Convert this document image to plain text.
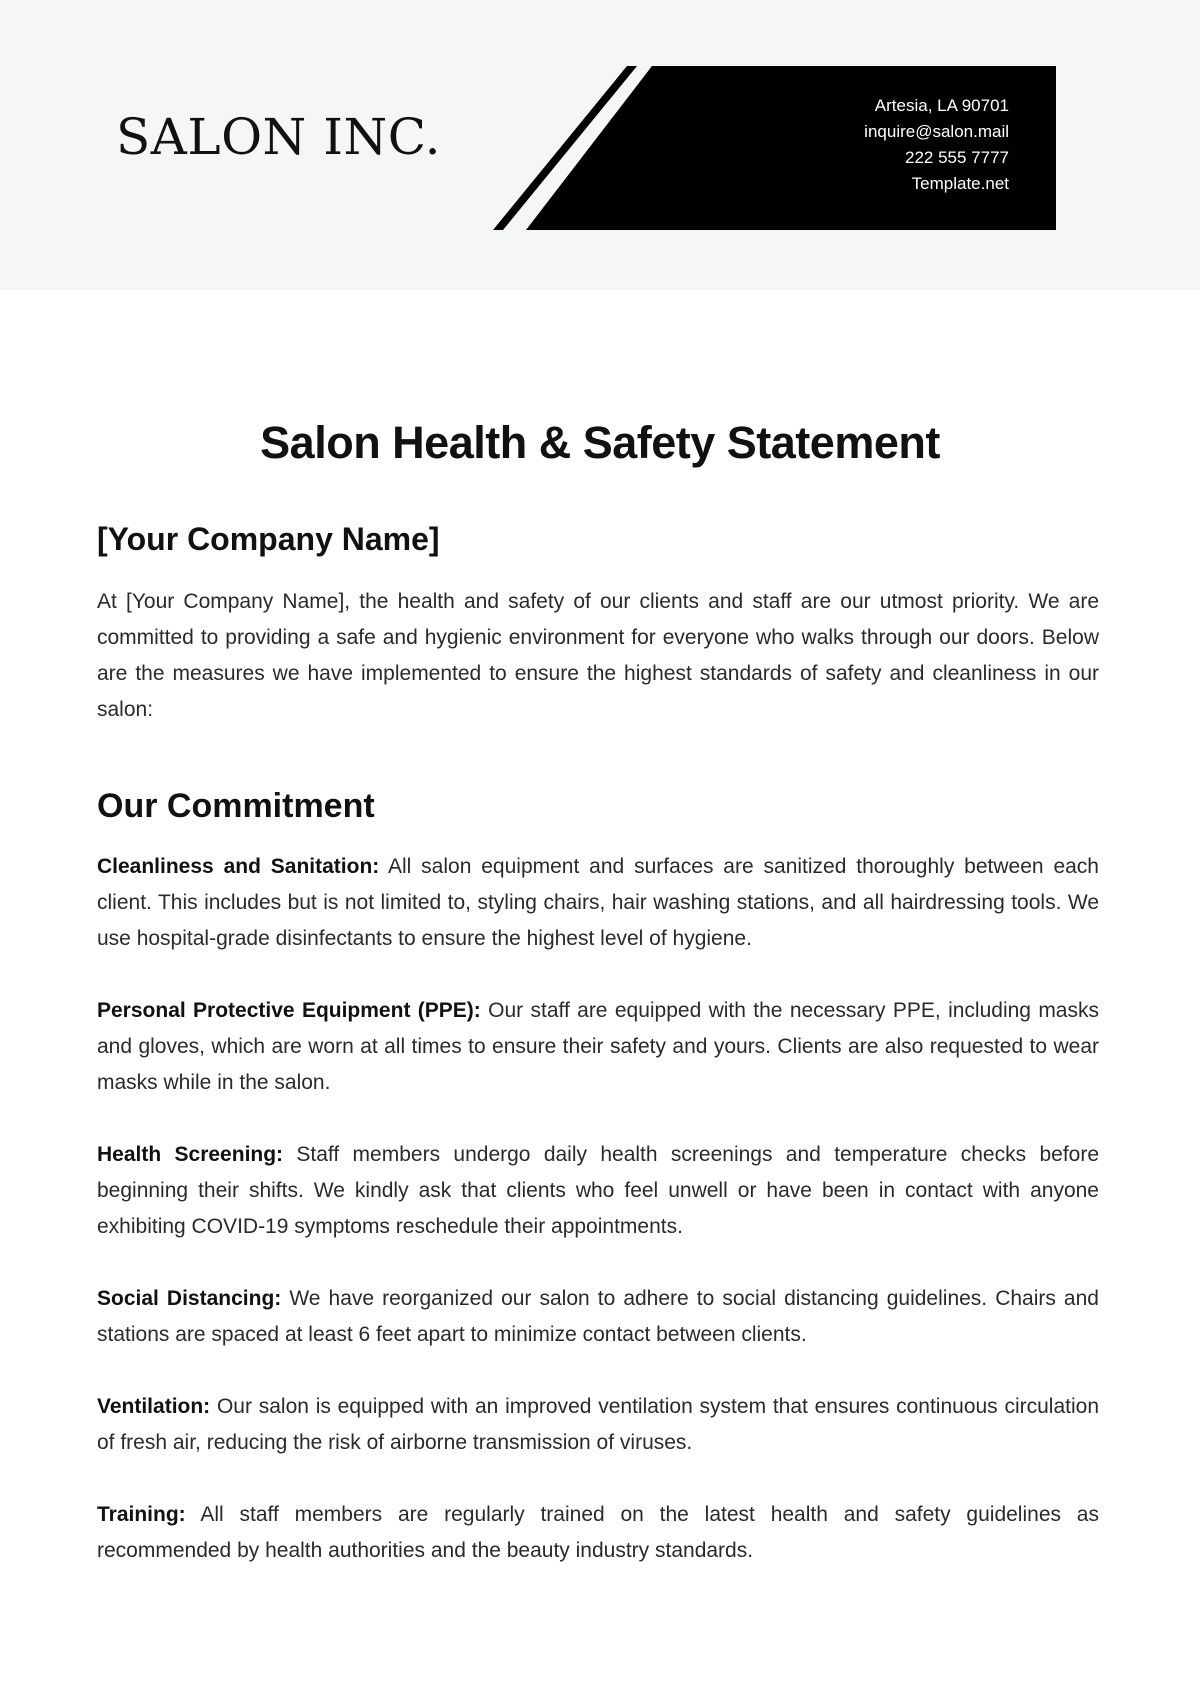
SALON INC.
Artesia, LA 90701
inquire@salon.mail
222 555 7777
Template.net
Salon Health & Safety Statement
[Your Company Name]

At [Your Company Name], the health and safety of our clients and staff are our utmost priority. We are committed to providing a safe and hygienic environment for everyone who walks through our doors. Below are the measures we have implemented to ensure the highest standards of safety and cleanliness in our salon:

Our Commitment

Cleanliness and Sanitation: All salon equipment and surfaces are sanitized thoroughly between each client. This includes but is not limited to, styling chairs, hair washing stations, and all hairdressing tools. We use hospital-grade disinfectants to ensure the highest level of hygiene.

Personal Protective Equipment (PPE): Our staff are equipped with the necessary PPE, including masks and gloves, which are worn at all times to ensure their safety and yours. Clients are also requested to wear masks while in the salon.

Health Screening: Staff members undergo daily health screenings and temperature checks before beginning their shifts. We kindly ask that clients who feel unwell or have been in contact with anyone exhibiting COVID-19 symptoms reschedule their appointments.

Social Distancing: We have reorganized our salon to adhere to social distancing guidelines. Chairs and stations are spaced at least 6 feet apart to minimize contact between clients.

Ventilation: Our salon is equipped with an improved ventilation system that ensures continuous circulation of fresh air, reducing the risk of airborne transmission of viruses.

Training: All staff members are regularly trained on the latest health and safety guidelines as recommended by health authorities and the beauty industry standards.
